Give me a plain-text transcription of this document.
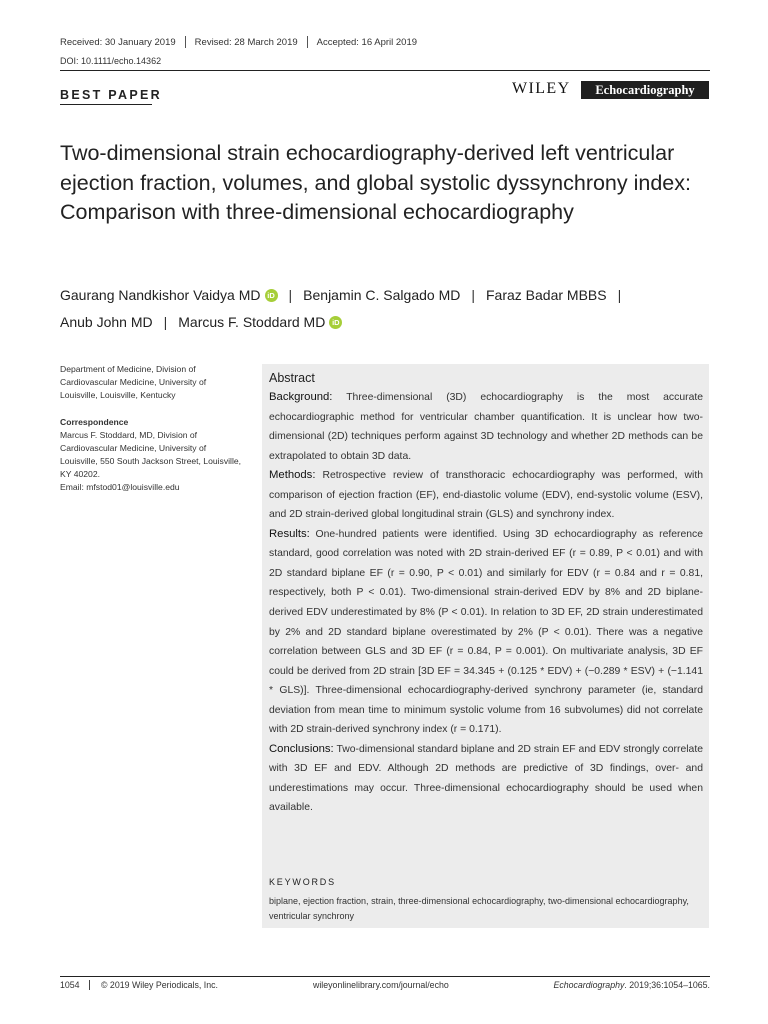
Received: 30 January 2019 Revised: 28 March 2019 Accepted: 16 April 2019
DOI: 10.1111/echo.14362
BEST PAPER	WILEY	Echocardiography
Two-dimensional strain echocardiography-derived left ventricular ejection fraction, volumes, and global systolic dyssynchrony index: Comparison with three-dimensional echocardiography
Gaurang Nandkishor Vaidya MD iD | Benjamin C. Salgado MD | Faraz Badar MBBS |
Anub John MD | Marcus F. Stoddard MD iD

Department of Medicine, Division of Cardiovascular Medicine, University of Louisville, Louisville, Kentucky

Correspondence
Marcus F. Stoddard, MD, Division of Cardiovascular Medicine, University of Louisville, 550 South Jackson Street, Louisville, KY 40202.
Email: mfstod01@louisville.edu
Abstract

Background: Three-dimensional (3D) echocardiography is the most accurate echocardiographic method for ventricular chamber quantification. It is unclear how two-dimensional (2D) techniques perform against 3D technology and whether 2D methods can be extrapolated to obtain 3D data.

Methods: Retrospective review of transthoracic echocardiography was performed, with comparison of ejection fraction (EF), end-diastolic volume (EDV), end-systolic volume (ESV), and 2D strain-derived global longitudinal strain (GLS) and synchrony index.

Results: One-hundred patients were identified. Using 3D echocardiography as reference standard, good correlation was noted with 2D strain-derived EF (r = 0.89, P < 0.01) and with 2D standard biplane EF (r = 0.90, P < 0.01) and similarly for EDV (r = 0.84 and r = 0.81, respectively, both P < 0.01). Two-dimensional strain-derived EDV by 8% and 2D biplane-derived EDV underestimated by 8% (P < 0.01). In relation to 3D EF, 2D strain underestimated by 2% and 2D standard biplane overestimated by 2% (P < 0.01). There was a negative correlation between GLS and 3D EF (r = 0.84, P = 0.001). On multivariate analysis, 3D EF could be derived from 2D strain [3D EF = 34.345 + (0.125 * EDV) + (−0.289 * ESV) + (−1.141 * GLS)]. Three-dimensional echocardiography-derived synchrony parameter (ie, standard deviation from mean time to minimum systolic volume from 16 subvolumes) did not correlate with 2D strain-derived synchrony index (r = 0.171).

Conclusions: Two-dimensional standard biplane and 2D strain EF and EDV strongly correlate with 3D EF and EDV. Although 2D methods are predictive of 3D findings, over- and underestimations may occur. Three-dimensional echocardiography should be used when available.

KEYWORDS

biplane, ejection fraction, strain, three-dimensional echocardiography, two-dimensional echocardiography, ventricular synchrony

1054 © 2019 Wiley Periodicals, Inc.	wileyonlinelibrary.com/journal/echo	Echocardiography. 2019;36:1054–1065.
